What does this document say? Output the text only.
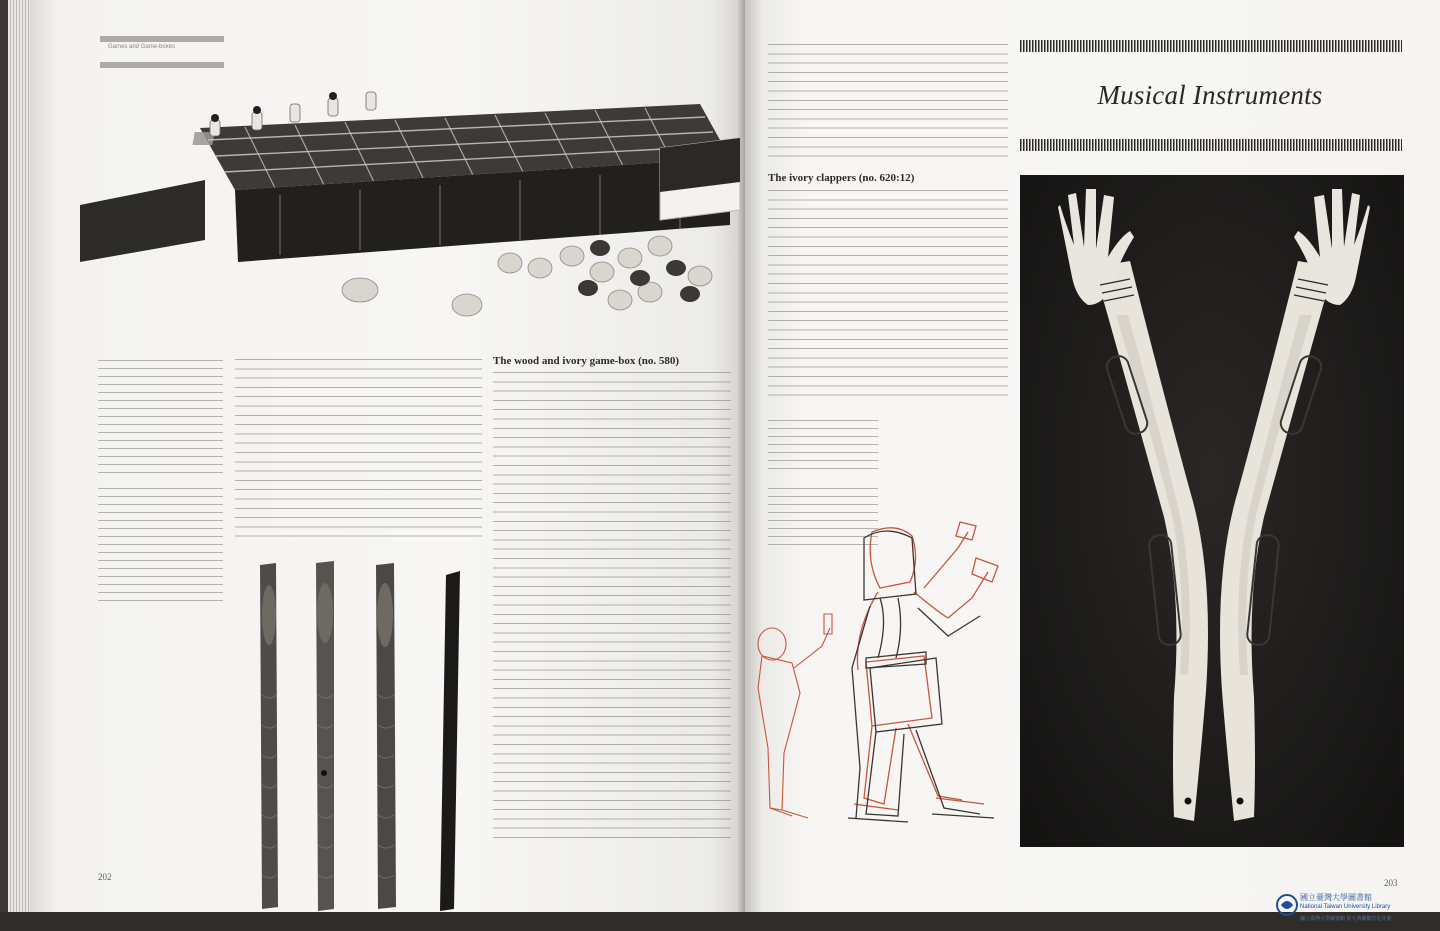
Games and Game-boxes
The wood and ivory game-box (no. 580)
202
Musical Instruments
The ivory clappers (no. 620:12)
203
國立臺灣大學圖書館
National Taiwan University Library
國立臺灣大學圖書館 臺大典藏數位化計畫
